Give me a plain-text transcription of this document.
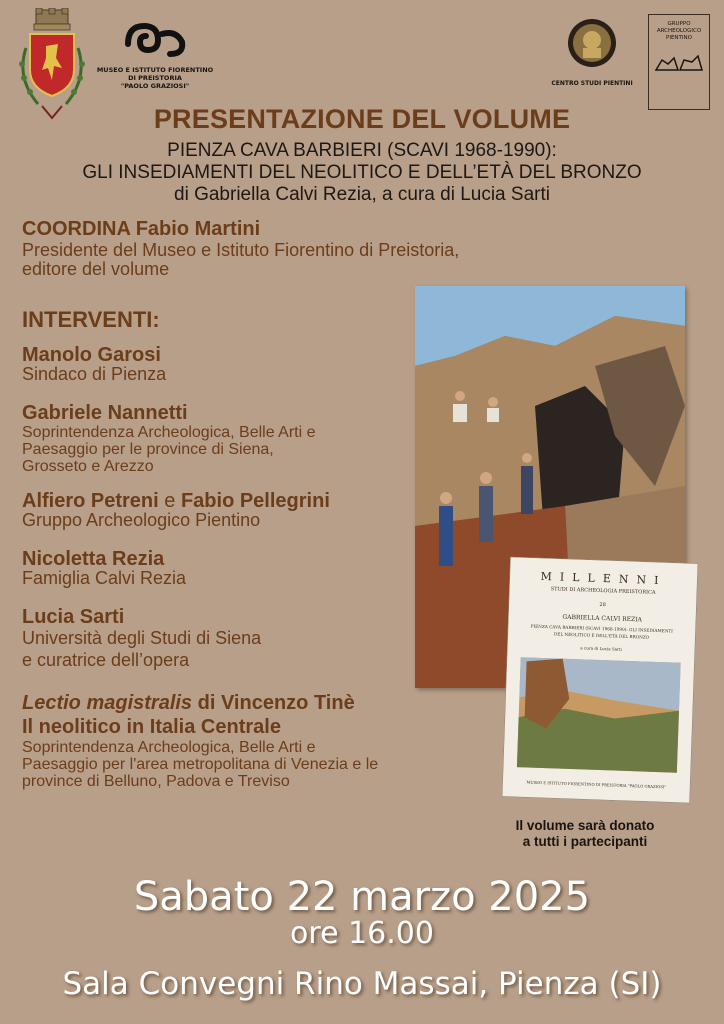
MUSEO E ISTITUTO FIORENTINO
DI PREISTORIA
"PAOLO GRAZIOSI"	CENTRO STUDI PIENTINI
GRUPPO
ARCHEOLOGICO
PIENTINO
PRESENTAZIONE DEL VOLUME
PIENZA CAVA BARBIERI (SCAVI 1968-1990):
GLI INSEDIAMENTI DEL NEOLITICO E DELL’ETÀ DEL BRONZO
di Gabriella Calvi Rezia, a cura di Lucia Sarti
COORDINA Fabio Martini
Presidente del Museo e Istituto Fiorentino di Preistoria,
editore del volume
INTERVENTI:
Manolo Garosi
Sindaco di Pienza
Gabriele Nannetti
Soprintendenza Archeologica, Belle Arti e
Paesaggio per le province di Siena,
Grosseto e Arezzo
Alfiero Petreni e Fabio Pellegrini
Gruppo Archeologico Pientino
Nicoletta Rezia
Famiglia Calvi Rezia
Lucia Sarti
Università degli Studi di Siena
e curatrice dell’opera
Lectio magistralis di Vincenzo Tinè
Il neolitico in Italia Centrale
Soprintendenza Archeologica, Belle Arti e
Paesaggio per l'area metropolitana di Venezia e le
province di Belluno, Padova e Treviso
MILLENNI
STUDI DI ARCHEOLOGIA PREISTORICA
28
GABRIELLA CALVI REZIA
PIENZA CAVA BARBIERI (SCAVI 1968-1990): GLI INSEDIAMENTI
DEL NEOLITICO E DELL'ETÀ DEL BRONZO
a cura di Lucia Sarti
MUSEO E ISTITUTO FIORENTINO DI PREISTORIA "PAOLO GRAZIOSI"
Il volume sarà donato
a tutti i partecipanti
Sabato 22 marzo 2025
ore 16.00
Sala Convegni Rino Massai, Pienza (SI)
